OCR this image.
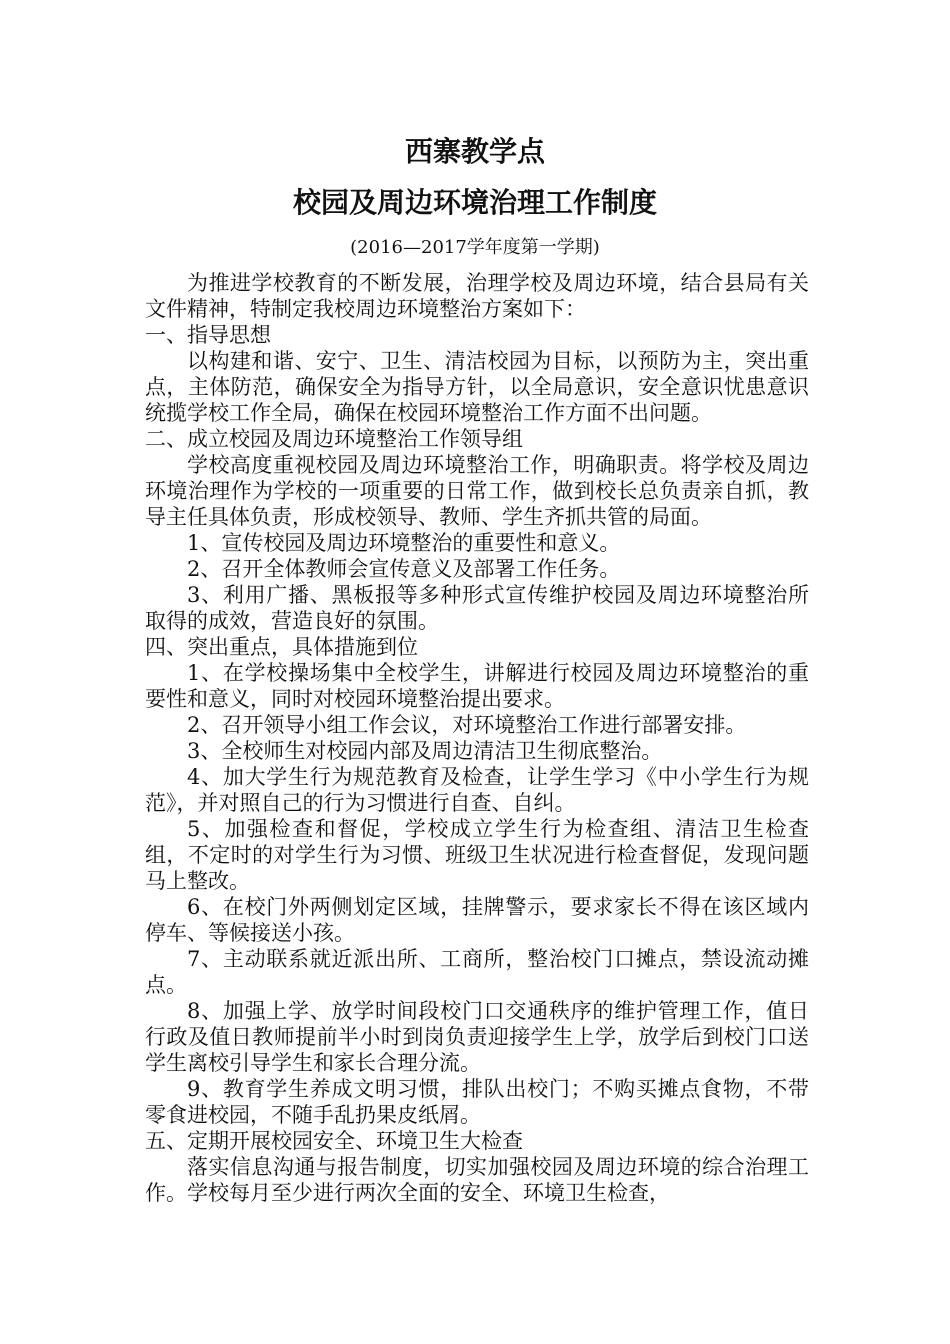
西寨教学点
校园及周边环境治理工作制度

(2016—2017学年度第一学期)

为推进学校教育的不断发展，治理学校及周边环境，结合县局有关文件精神，特制定我校周边环境整治方案如下：

一、指导思想

以构建和谐、安宁、卫生、清洁校园为目标，以预防为主，突出重点，主体防范，确保安全为指导方针，以全局意识，安全意识忧患意识统揽学校工作全局，确保在校园环境整治工作方面不出问题。

二、成立校园及周边环境整治工作领导组

学校高度重视校园及周边环境整治工作，明确职责。将学校及周边环境治理作为学校的一项重要的日常工作，做到校长总负责亲自抓，教导主任具体负责，形成校领导、教师、学生齐抓共管的局面。

1、宣传校园及周边环境整治的重要性和意义。

2、召开全体教师会宣传意义及部署工作任务。

3、利用广播、黑板报等多种形式宣传维护校园及周边环境整治所取得的成效，营造良好的氛围。

四、突出重点，具体措施到位

1、在学校操场集中全校学生，讲解进行校园及周边环境整治的重要性和意义，同时对校园环境整治提出要求。

2、召开领导小组工作会议，对环境整治工作进行部署安排。

3、全校师生对校园内部及周边清洁卫生彻底整治。

4、加大学生行为规范教育及检查，让学生学习《中小学生行为规范》，并对照自己的行为习惯进行自查、自纠。

5、加强检查和督促，学校成立学生行为检查组、清洁卫生检查组，不定时的对学生行为习惯、班级卫生状况进行检查督促，发现问题马上整改。

6、在校门外两侧划定区域，挂牌警示，要求家长不得在该区域内停车、等候接送小孩。

7、主动联系就近派出所、工商所，整治校门口摊点，禁设流动摊点。

8、加强上学、放学时间段校门口交通秩序的维护管理工作，值日行政及值日教师提前半小时到岗负责迎接学生上学，放学后到校门口送学生离校引导学生和家长合理分流。

9、教育学生养成文明习惯，排队出校门；不购买摊点食物，不带零食进校园，不随手乱扔果皮纸屑。

五、定期开展校园安全、环境卫生大检查

落实信息沟通与报告制度，切实加强校园及周边环境的综合治理工作。学校每月至少进行两次全面的安全、环境卫生检查，
